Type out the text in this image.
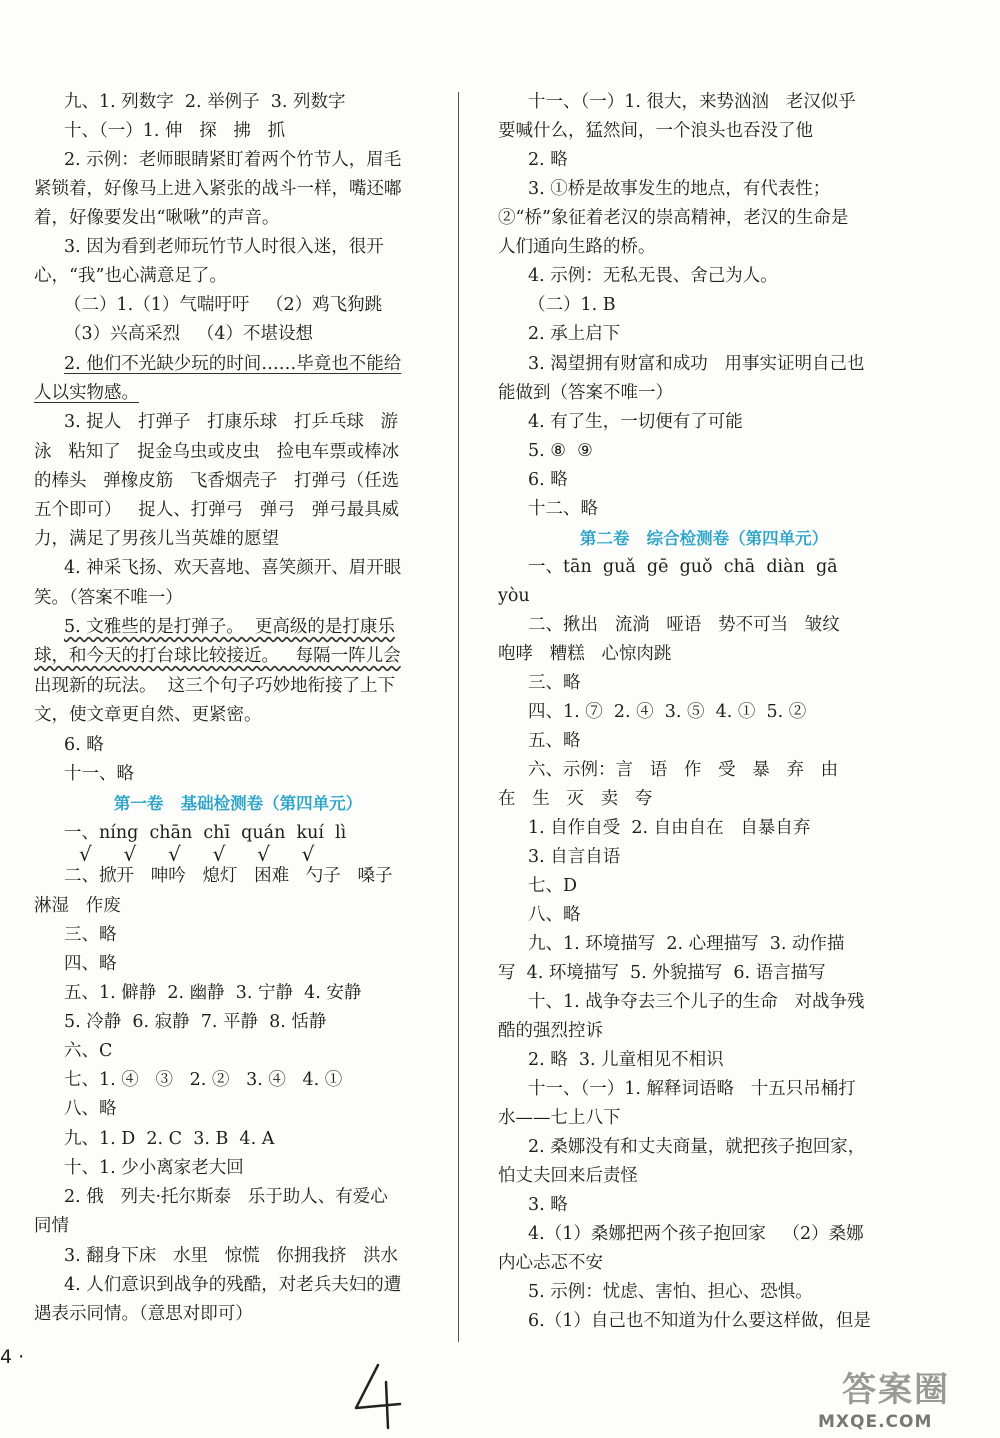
九、1. 列数字  2. 举例子  3. 列数字
十、（一）1. 伸   探   拂   抓
2. 示例：老师眼睛紧盯着两个竹节人，眉毛
紧锁着，好像马上进入紧张的战斗一样，嘴还嘟
着，好像要发出“啾啾”的声音。
3. 因为看到老师玩竹节人时很入迷，很开
心，“我”也心满意足了。
（二）1.（1）气喘吁吁   （2）鸡飞狗跳
（3）兴高采烈   （4）不堪设想
2. 他们不光缺少玩的时间……毕竟也不能给
人以实物感。
3. 捉人   打弹子   打康乐球   打乒乓球   游
泳   粘知了   捉金乌虫或皮虫   捡电车票或棒冰
的棒头   弹橡皮筋   飞香烟壳子   打弹弓（任选
五个即可）   捉人、打弹弓   弹弓   弹弓最具威
力，满足了男孩儿当英雄的愿望
4. 神采飞扬、欢天喜地、喜笑颜开、眉开眼
笑。（答案不唯一）
5. 文雅些的是打弹子。  更高级的是打康乐
球，和今天的打台球比较接近。   每隔一阵儿会
出现新的玩法。  这三个句子巧妙地衔接了上下
文，使文章更自然、更紧密。
6. 略
十一、略
第一卷   基础检测卷（第四单元）
一、níng  chān  chī  quán  kuí  lì
√     √     √     √     √     √
二、掀开   呻吟   熄灯   困难   勺子   嗓子
淋湿   作废
三、略
四、略
五、1. 僻静  2. 幽静  3. 宁静  4. 安静
5. 冷静  6. 寂静  7. 平静  8. 恬静
六、C
七、1. ④   ③   2. ②   3. ④   4. ①
八、略
九、1. D  2. C  3. B  4. A
十、1. 少小离家老大回
2. 俄   列夫·托尔斯泰   乐于助人、有爱心
同情
3. 翻身下床   水里   惊慌   你拥我挤   洪水
4. 人们意识到战争的残酷，对老兵夫妇的遭
遇表示同情。（意思对即可）
十一、（一）1. 很大，来势汹汹   老汉似乎
要喊什么，猛然间，一个浪头也吞没了他
2. 略
3. ①桥是故事发生的地点，有代表性；
②“桥”象征着老汉的崇高精神，老汉的生命是
人们通向生路的桥。
4. 示例：无私无畏、舍己为人。
（二）1. B
2. 承上启下
3. 渴望拥有财富和成功   用事实证明自己也
能做到（答案不唯一）
4. 有了生，一切便有了可能
5. ⑧  ⑨
6. 略
十二、略
第二卷   综合检测卷（第四单元）
一、tān  guǎ  gē  guǒ  chā  diàn  gā
yòu
二、揪出   流淌   哑语   势不可当   皱纹
咆哮   糟糕   心惊肉跳
三、略
四、1. ⑦  2. ④  3. ⑤  4. ①  5. ②
五、略
六、示例：言   语   作   受   暴   弃   由
在   生   灭   卖   夸
1. 自作自受  2. 自由自在   自暴自弃
3. 自言自语
七、D
八、略
九、1. 环境描写  2. 心理描写  3. 动作描
写  4. 环境描写  5. 外貌描写  6. 语言描写
十、1. 战争夺去三个儿子的生命   对战争残
酷的强烈控诉
2. 略  3. 儿童相见不相识
十一、（一）1. 解释词语略   十五只吊桶打
水——七上八下
2. 桑娜没有和丈夫商量，就把孩子抱回家，
怕丈夫回来后责怪
3. 略
4.（1）桑娜把两个孩子抱回家   （2）桑娜
内心忐忑不安
5. 示例：忧虑、害怕、担心、恐惧。
6.（1）自己也不知道为什么要这样做，但是
4 ·
答案圈
MXQE.COM
